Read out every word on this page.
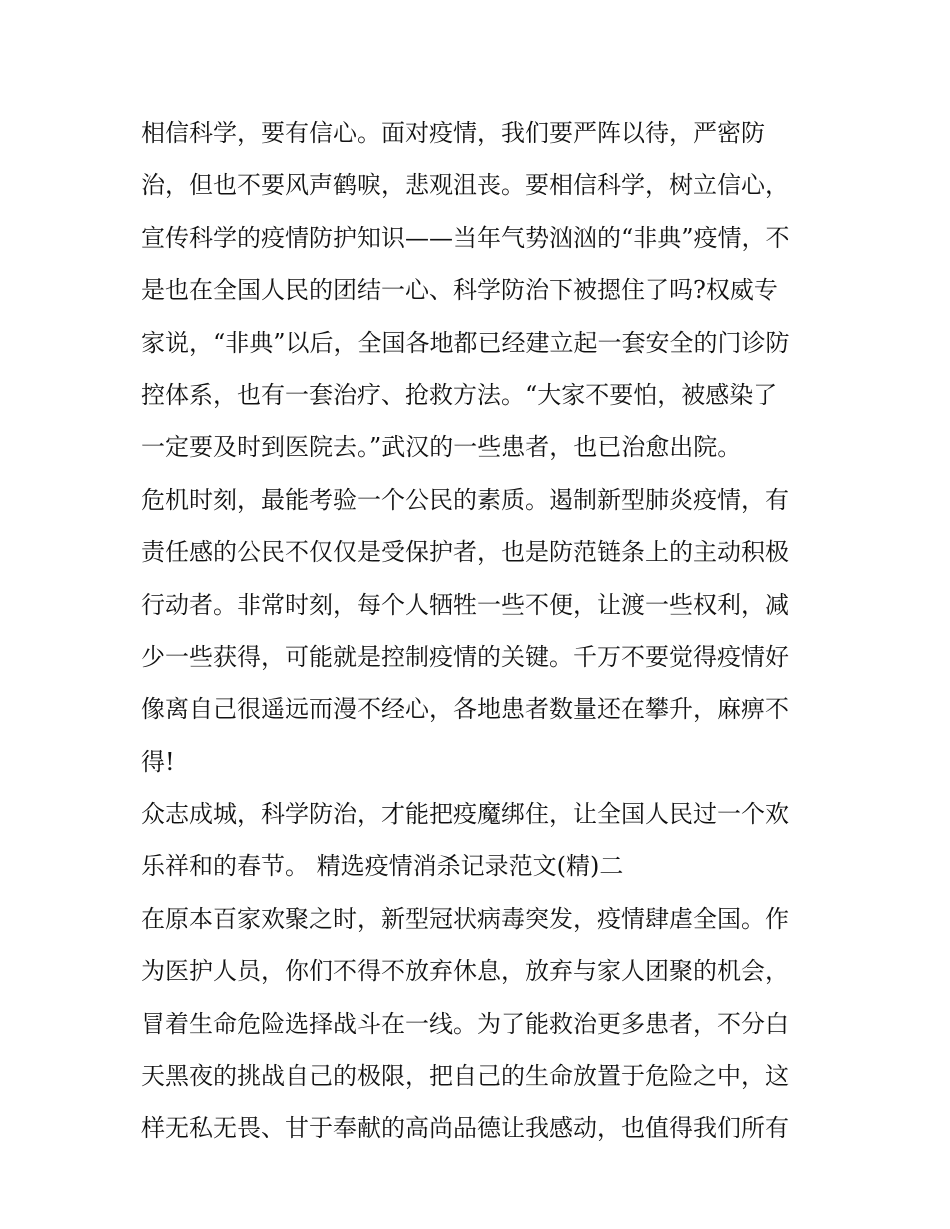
相信科学，要有信心。面对疫情，我们要严阵以待，严密防
治，但也不要风声鹤唳，悲观沮丧。要相信科学，树立信心，
宣传科学的疫情防护知识——当年气势汹汹的“非典”疫情，不
是也在全国人民的团结一心、科学防治下被摁住了吗?权威专
家说，“非典”以后，全国各地都已经建立起一套安全的门诊防
控体系，也有一套治疗、抢救方法。“大家不要怕，被感染了
一定要及时到医院去。”武汉的一些患者，也已治愈出院。
危机时刻，最能考验一个公民的素质。遏制新型肺炎疫情，有
责任感的公民不仅仅是受保护者，也是防范链条上的主动积极
行动者。非常时刻，每个人牺牲一些不便，让渡一些权利，减
少一些获得，可能就是控制疫情的关键。千万不要觉得疫情好
像离自己很遥远而漫不经心，各地患者数量还在攀升，麻痹不
得!
众志成城，科学防治，才能把疫魔绑住，让全国人民过一个欢
乐祥和的春节。 精选疫情消杀记录范文(精)二
在原本百家欢聚之时，新型冠状病毒突发，疫情肆虐全国。作
为医护人员，你们不得不放弃休息，放弃与家人团聚的机会，
冒着生命危险选择战斗在一线。为了能救治更多患者，不分白
天黑夜的挑战自己的极限，把自己的生命放置于危险之中，这
样无私无畏、甘于奉献的高尚品德让我感动，也值得我们所有
